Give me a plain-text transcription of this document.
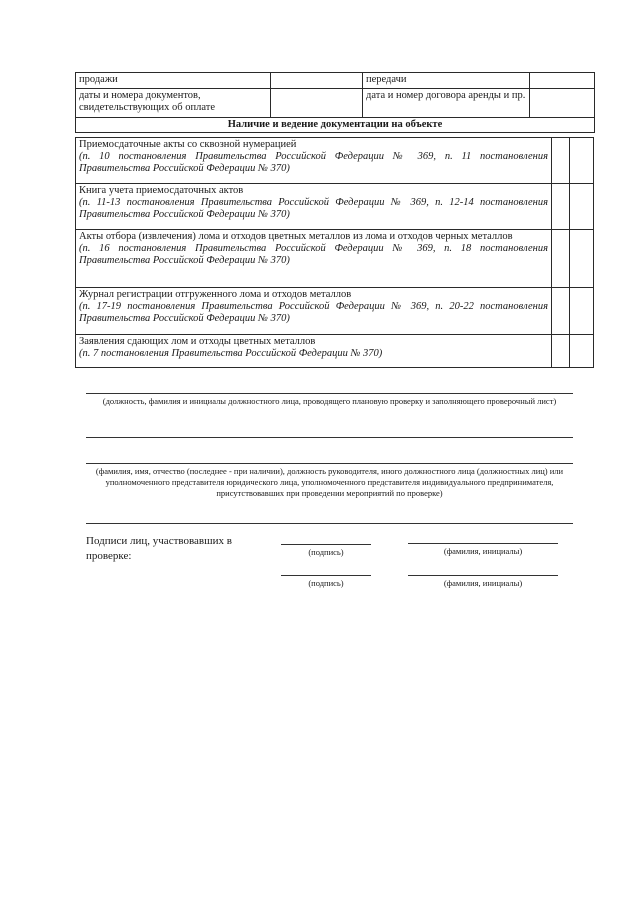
продажи		передачи	
даты и номера документов, свидетельствующих об оплате		дата и номер договора аренды и пр.	
Наличие и ведение документации на объекте			
Приемосдаточные акты со сквозной нумерацией
(п. 10 постановления Правительства Российской Федерации № 369, п. 11 постановления Правительства Российской Федерации № 370)		

Книга учета приемосдаточных актов
(п. 11-13 постановления Правительства Российской Федерации № 369, п. 12-14 постановления Правительства Российской Федерации № 370)		

Акты отбора (извлечения) лома и отходов цветных металлов из лома и отходов черных металлов
(п. 16 постановления Правительства Российской Федерации № 369, п. 18 постановления Правительства Российской Федерации № 370)		

Журнал регистрации отгруженного лома и отходов металлов
(п. 17-19 постановления Правительства Российской Федерации № 369, п. 20-22 постановления Правительства Российской Федерации № 370)		

Заявления сдающих лом и отходы цветных металлов
(п. 7 постановления Правительства Российской Федерации № 370)		

(должность, фамилия и инициалы должностного лица, проводящего плановую проверку и заполняющего проверочный лист)
(фамилия, имя, отчество (последнее - при наличии), должность руководителя, иного должностного лица (должностных лиц) или уполномоченного представителя юридического лица, уполномоченного представителя индивидуального предпринимателя, присутствовавших при проведении мероприятий по проверке)
Подписи лиц, участвовавших в проверке:	(подпись)	(фамилия, инициалы)
(подпись)	(фамилия, инициалы)
